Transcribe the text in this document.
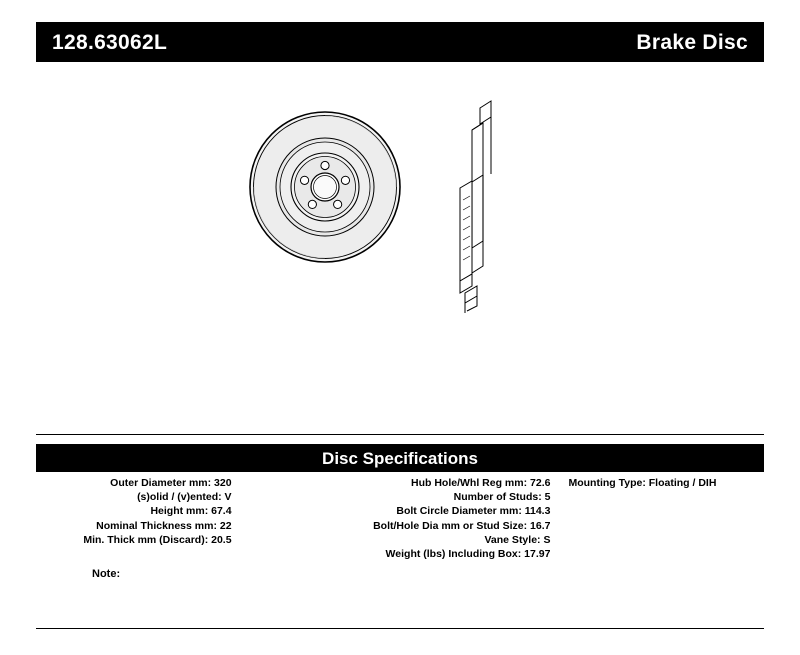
128.63062L	Brake Disc
Disc Specifications
Outer Diameter mm: 320
(s)olid / (v)ented: V
Height mm: 67.4
Nominal Thickness mm: 22
Min. Thick mm (Discard): 20.5
Hub Hole/Whl Reg mm: 72.6
Number of Studs: 5
Bolt Circle Diameter mm: 114.3
Bolt/Hole Dia mm or Stud Size: 16.7
Vane Style: S
Weight (lbs) Including Box: 17.97
Mounting Type: Floating / DIH
Note:
